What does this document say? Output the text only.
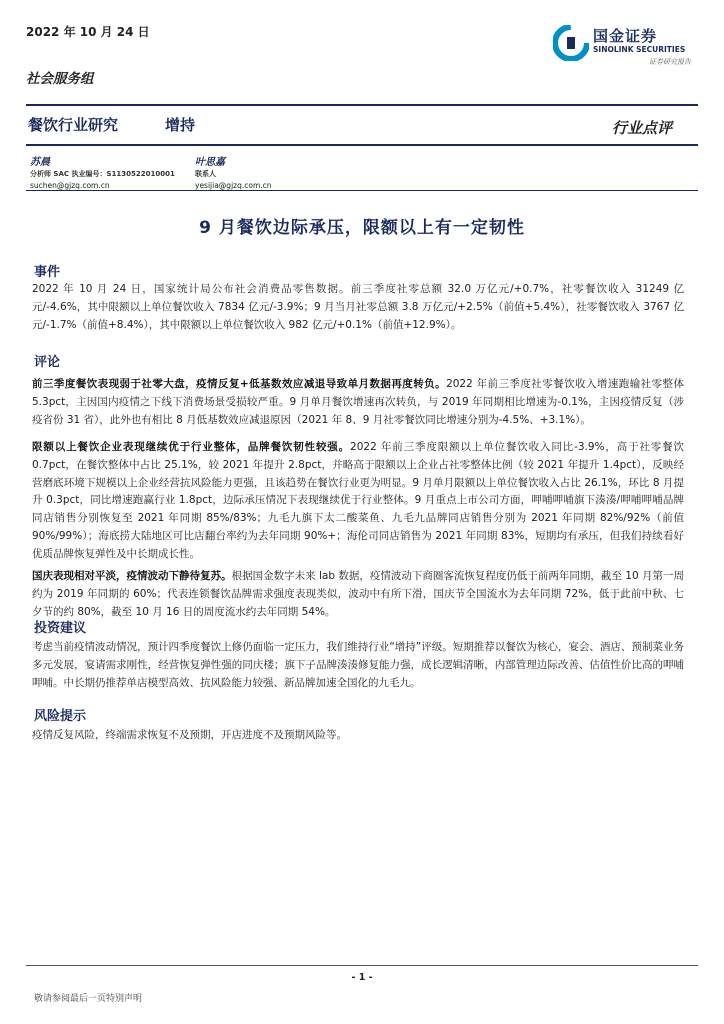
2022 年 10 月 24 日	国金证券
SINOLINK SECURITIES
证券研究报告
社会服务组
餐饮行业研究	增持	行业点评
苏晨
分析师 SAC 执业编号：S1130522010001
suchen@gjzq.com.cn
叶思嘉
联系人
yesijia@gjzq.com.cn
9 月餐饮边际承压，限额以上有一定韧性
事件
2022 年 10 月 24 日，国家统计局公布社会消费品零售数据。前三季度社零总额 32.0 万亿元/+0.7%，社零餐饮收入 31249 亿元/-4.6%，其中限额以上单位餐饮收入 7834 亿元/-3.9%；9 月当月社零总额 3.8 万亿元/+2.5%（前值+5.4%），社零餐饮收入 3767 亿元/-1.7%（前值+8.4%），其中限额以上单位餐饮收入 982 亿元/+0.1%（前值+12.9%）。
评论
前三季度餐饮表现弱于社零大盘，疫情反复+低基数效应减退导致单月数据再度转负。2022 年前三季度社零餐饮收入增速跑输社零整体 5.3pct，主因国内疫情之下线下消费场景受损较严重。9 月单月餐饮增速再次转负，与 2019 年同期相比增速为-0.1%，主因疫情反复（涉疫省份 31 省），此外也有相比 8 月低基数效应减退原因（2021 年 8、9 月社零餐饮同比增速分别为-4.5%、+3.1%）。
限额以上餐饮企业表现继续优于行业整体，品牌餐饮韧性较强。2022 年前三季度限额以上单位餐饮收入同比-3.9%，高于社零餐饮 0.7pct，在餐饮整体中占比 25.1%，较 2021 年提升 2.8pct，并略高于限额以上企业占社零整体比例（较 2021 年提升 1.4pct），反映经营磨底环境下规模以上企业经营抗风险能力更强，且该趋势在餐饮行业更为明显。9 月单月限额以上单位餐饮收入占比 26.1%，环比 8 月提升 0.3pct，同比增速跑赢行业 1.8pct，边际承压情况下表现继续优于行业整体。9 月重点上市公司方面，呷哺呷哺旗下湊湊/呷哺呷哺品牌同店销售分别恢复至 2021 年同期 85%/83%；九毛九旗下太二酸菜鱼、九毛九品牌同店销售分别为 2021 年同期 82%/92%（前值 90%/99%）；海底捞大陆地区可比店翻台率约为去年同期 90%+；海伦司同店销售为 2021 年同期 83%，短期均有承压，但我们持续看好优质品牌恢复弹性及中长期成长性。
国庆表现相对平淡，疫情波动下静待复苏。根据国金数字未来 lab 数据，疫情波动下商圈客流恢复程度仍低于前两年同期，截至 10 月第一周约为 2019 年同期的 60%；代表连锁餐饮品牌需求强度表现类似，波动中有所下滑，国庆节全国流水为去年同期 72%，低于此前中秋、七夕节的约 80%，截至 10 月 16 日的周度流水约去年同期 54%。
投资建议
考虑当前疫情波动情况，预计四季度餐饮上修仍面临一定压力，我们维持行业“增持”评级。短期推荐以餐饮为核心，宴会、酒店、预制菜业务多元发展，宴请需求刚性，经营恢复弹性强的同庆楼；旗下子品牌湊湊修复能力强，成长逻辑清晰，内部管理边际改善、估值性价比高的呷哺呷哺。中长期仍推荐单店模型高效、抗风险能力较强、新品牌加速全国化的九毛九。
风险提示
疫情反复风险，终端需求恢复不及预期，开店进度不及预期风险等。
- 1 -
敬请参阅最后一页特别声明
